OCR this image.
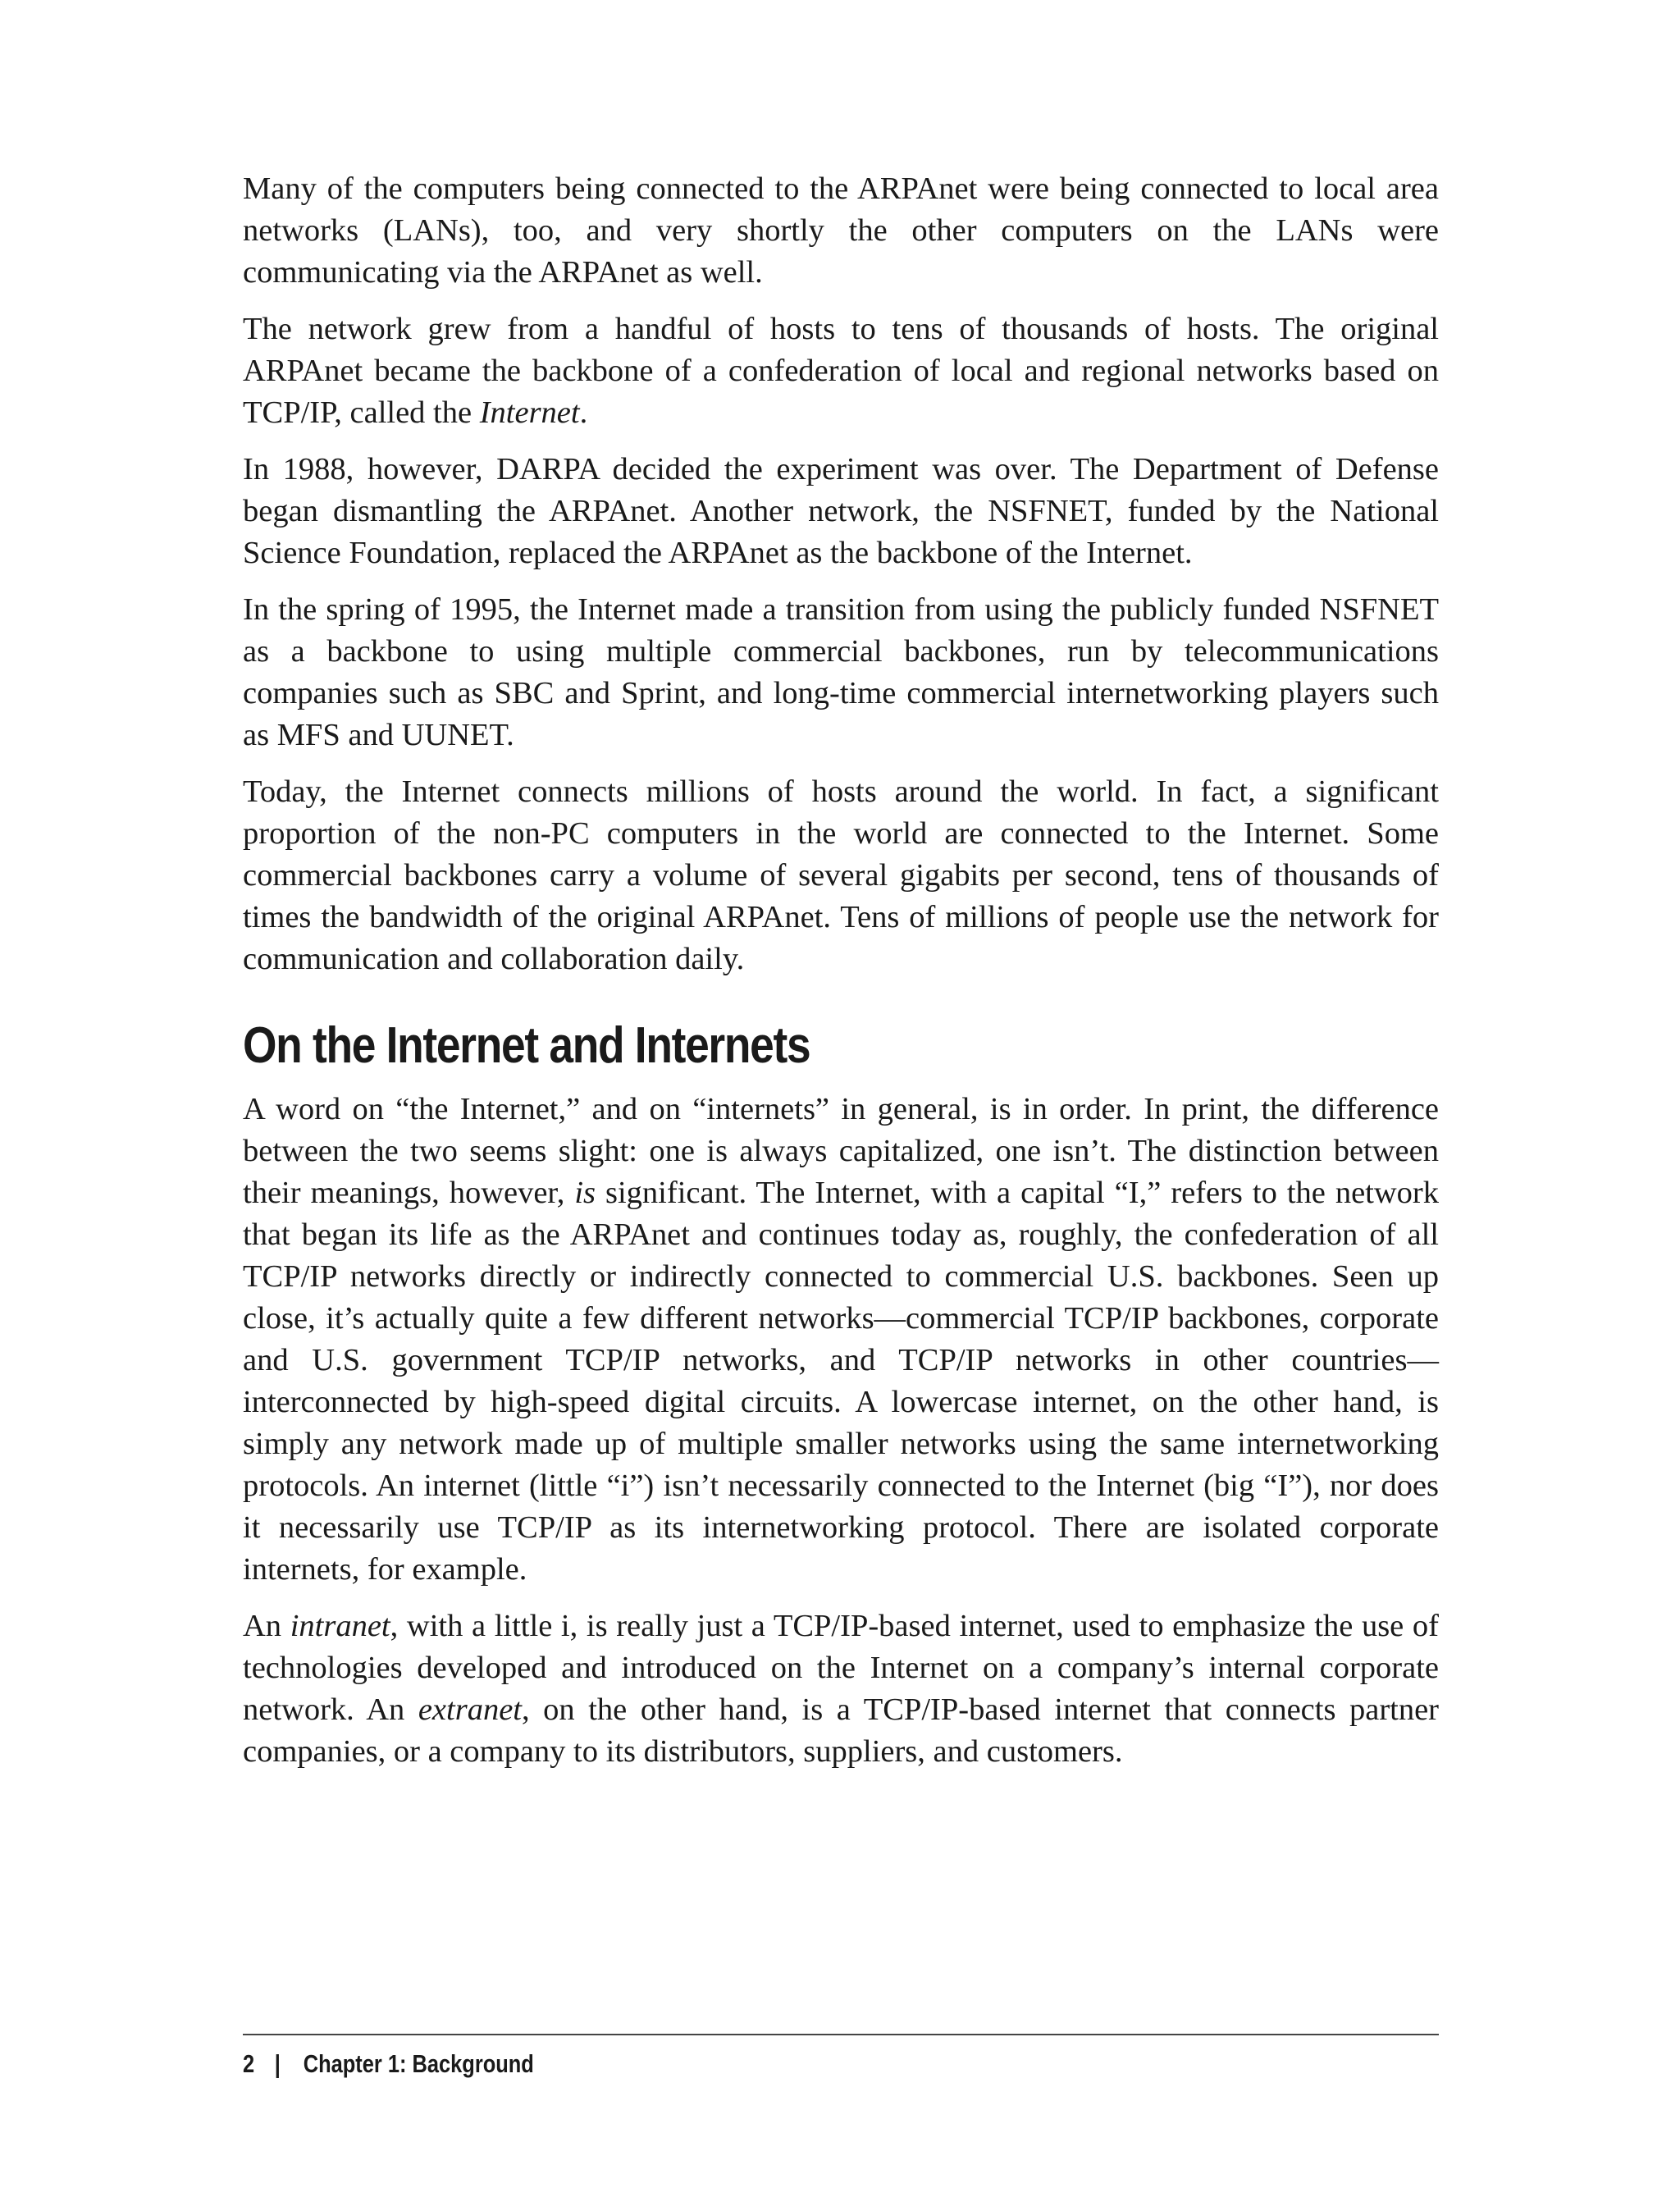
Many of the computers being connected to the ARPAnet were being connected to local area networks (LANs), too, and very shortly the other computers on the LANs were communicating via the ARPAnet as well.

The network grew from a handful of hosts to tens of thousands of hosts. The original ARPAnet became the backbone of a confederation of local and regional networks based on TCP/IP, called the Internet.

In 1988, however, DARPA decided the experiment was over. The Department of Defense began dismantling the ARPAnet. Another network, the NSFNET, funded by the National Science Foundation, replaced the ARPAnet as the backbone of the Internet.

In the spring of 1995, the Internet made a transition from using the publicly funded NSFNET as a backbone to using multiple commercial backbones, run by telecommunications companies such as SBC and Sprint, and long-time commercial internetworking players such as MFS and UUNET.

Today, the Internet connects millions of hosts around the world. In fact, a significant proportion of the non-PC computers in the world are connected to the Internet. Some commercial backbones carry a volume of several gigabits per second, tens of thousands of times the bandwidth of the original ARPAnet. Tens of millions of people use the network for communication and collaboration daily.

On the Internet and Internets

A word on “the Internet,” and on “internets” in general, is in order. In print, the difference between the two seems slight: one is always capitalized, one isn’t. The distinction between their meanings, however, is significant. The Internet, with a capital “I,” refers to the network that began its life as the ARPAnet and continues today as, roughly, the confederation of all TCP/IP networks directly or indirectly connected to commercial U.S. backbones. Seen up close, it’s actually quite a few different networks—commercial TCP/IP backbones, corporate and U.S. government TCP/IP networks, and TCP/IP networks in other countries—interconnected by high-speed digital circuits. A lowercase internet, on the other hand, is simply any network made up of multiple smaller networks using the same internetworking protocols. An internet (little “i”) isn’t necessarily connected to the Internet (big “I”), nor does it necessarily use TCP/IP as its internetworking protocol. There are isolated corporate internets, for example.

An intranet, with a little i, is really just a TCP/IP-based internet, used to emphasize the use of technologies developed and introduced on the Internet on a company’s internal corporate network. An extranet, on the other hand, is a TCP/IP-based internet that connects partner companies, or a company to its distributors, suppliers, and customers.

2 | Chapter 1: Background
